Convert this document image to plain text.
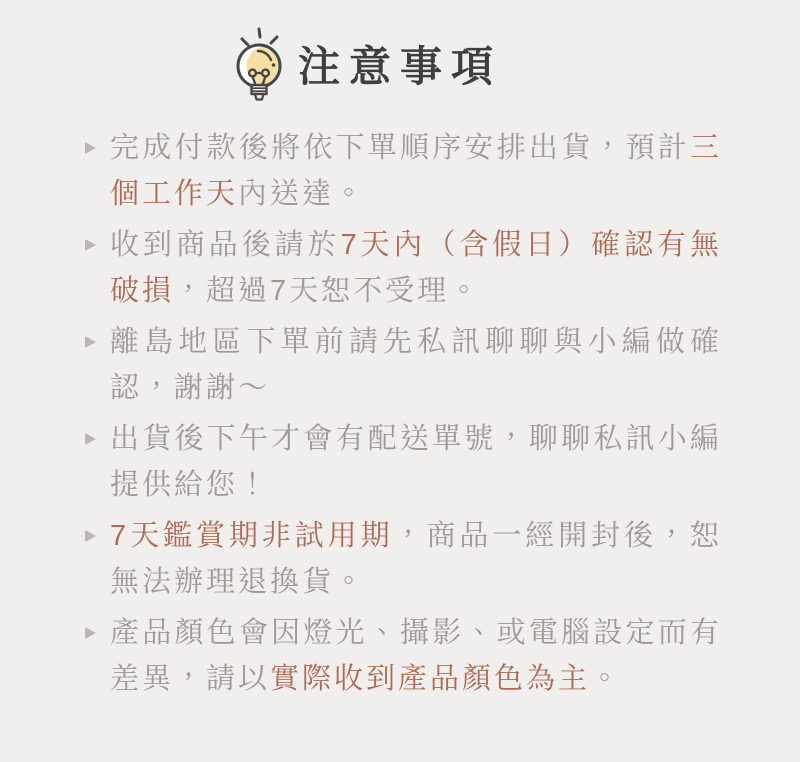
注意事項

完成付款後將依下單順序安排出貨，預計三個工作天內送達。

收到商品後請於7天內（含假日）確認有無破損，超過7天恕不受理。

離島地區下單前請先私訊聊聊與小編做確認，謝謝～

出貨後下午才會有配送單號，聊聊私訊小編提供給您！

7天鑑賞期非試用期，商品一經開封後，恕無法辦理退換貨。

產品顏色會因燈光、攝影、或電腦設定而有差異，請以實際收到產品顏色為主。
